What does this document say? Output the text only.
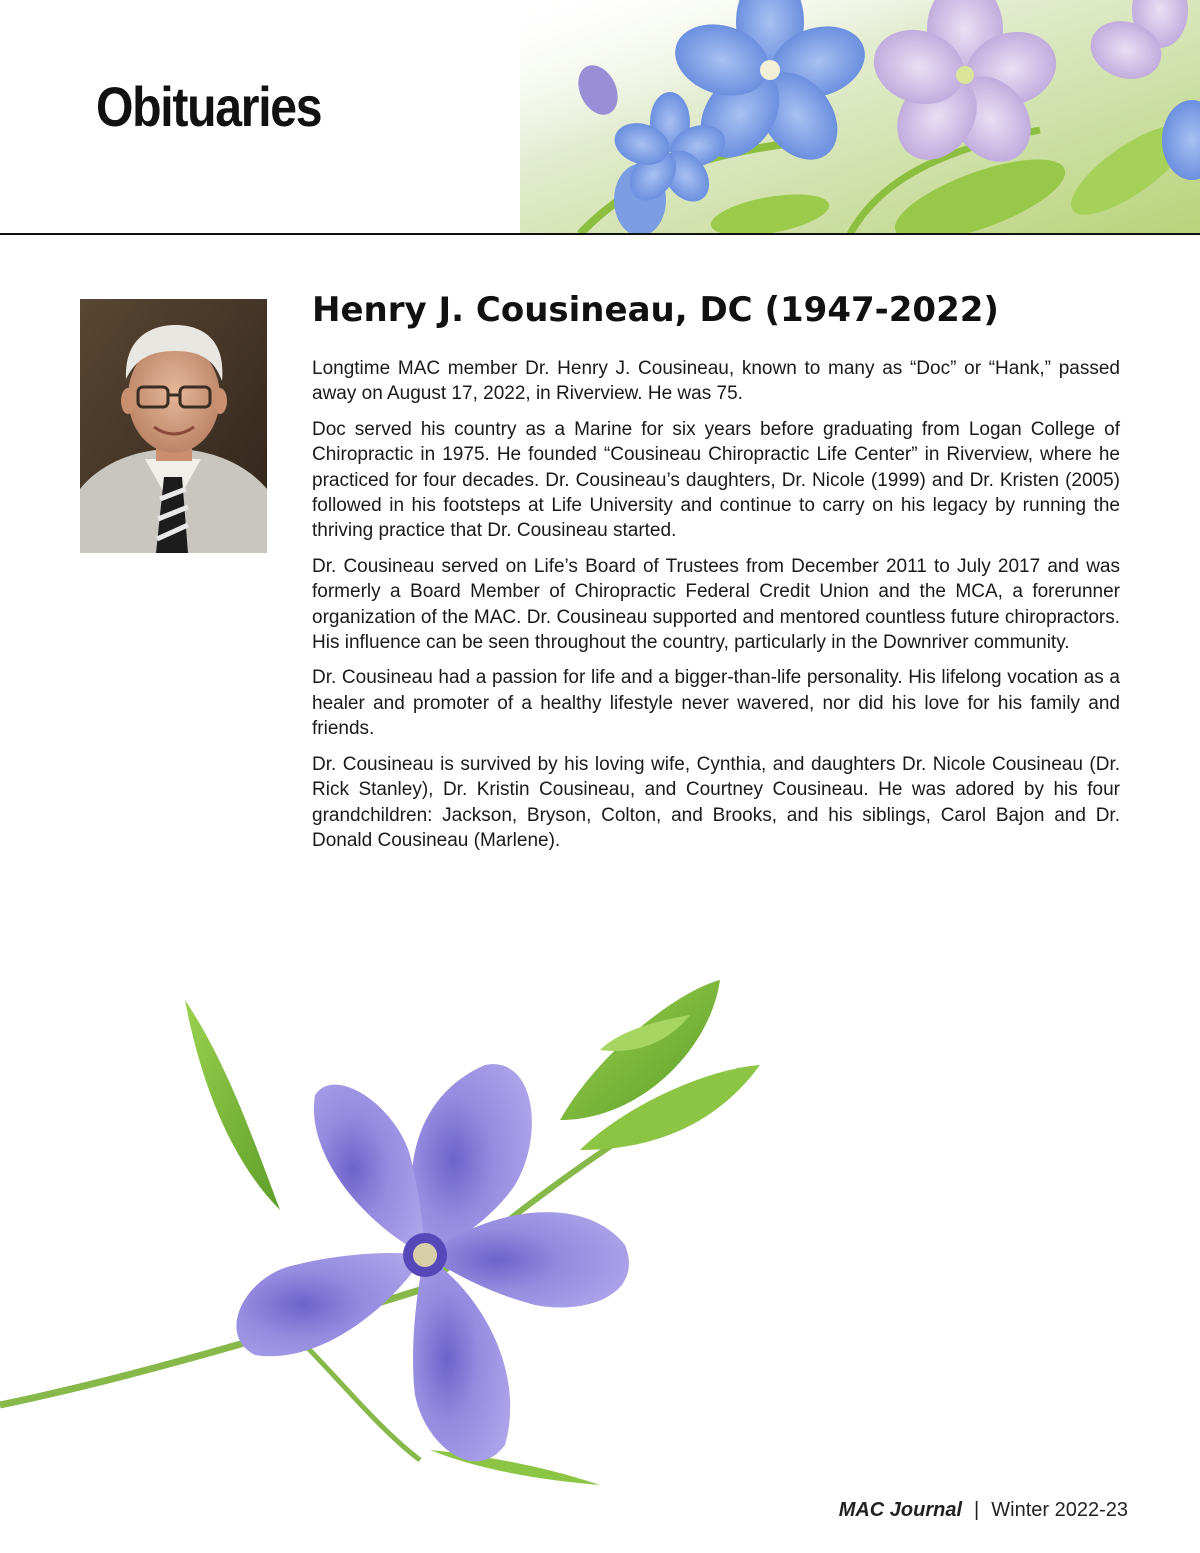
Obituaries
Henry J. Cousineau, DC (1947-2022)

Longtime MAC member Dr. Henry J. Cousineau, known to many as “Doc” or “Hank,” passed away on August 17, 2022, in Riverview. He was 75.

Doc served his country as a Marine for six years before graduating from Logan College of Chiropractic in 1975. He founded “Cousineau Chiropractic Life Center” in Riverview, where he practiced for four decades. Dr. Cousineau’s daughters, Dr. Nicole (1999) and Dr. Kristen (2005) followed in his footsteps at Life University and continue to carry on his legacy by running the thriving practice that Dr. Cousineau started.

Dr. Cousineau served on Life’s Board of Trustees from December 2011 to July 2017 and was formerly a Board Member of Chiropractic Federal Credit Union and the MCA, a forerunner organization of the MAC. Dr. Cousineau supported and mentored countless future chiropractors. His influence can be seen throughout the country, particularly in the Downriver community.

Dr. Cousineau had a passion for life and a bigger-than-life personality. His lifelong vocation as a healer and promoter of a healthy lifestyle never wavered, nor did his love for his family and friends.

Dr. Cousineau is survived by his loving wife, Cynthia, and daughters Dr. Nicole Cousineau (Dr. Rick Stanley), Dr. Kristin Cousineau, and Courtney Cousineau. He was adored by his four grandchildren: Jackson, Bryson, Colton, and Brooks, and his siblings, Carol Bajon and Dr. Donald Cousineau (Marlene).

MAC Journal | Winter 2022-23
